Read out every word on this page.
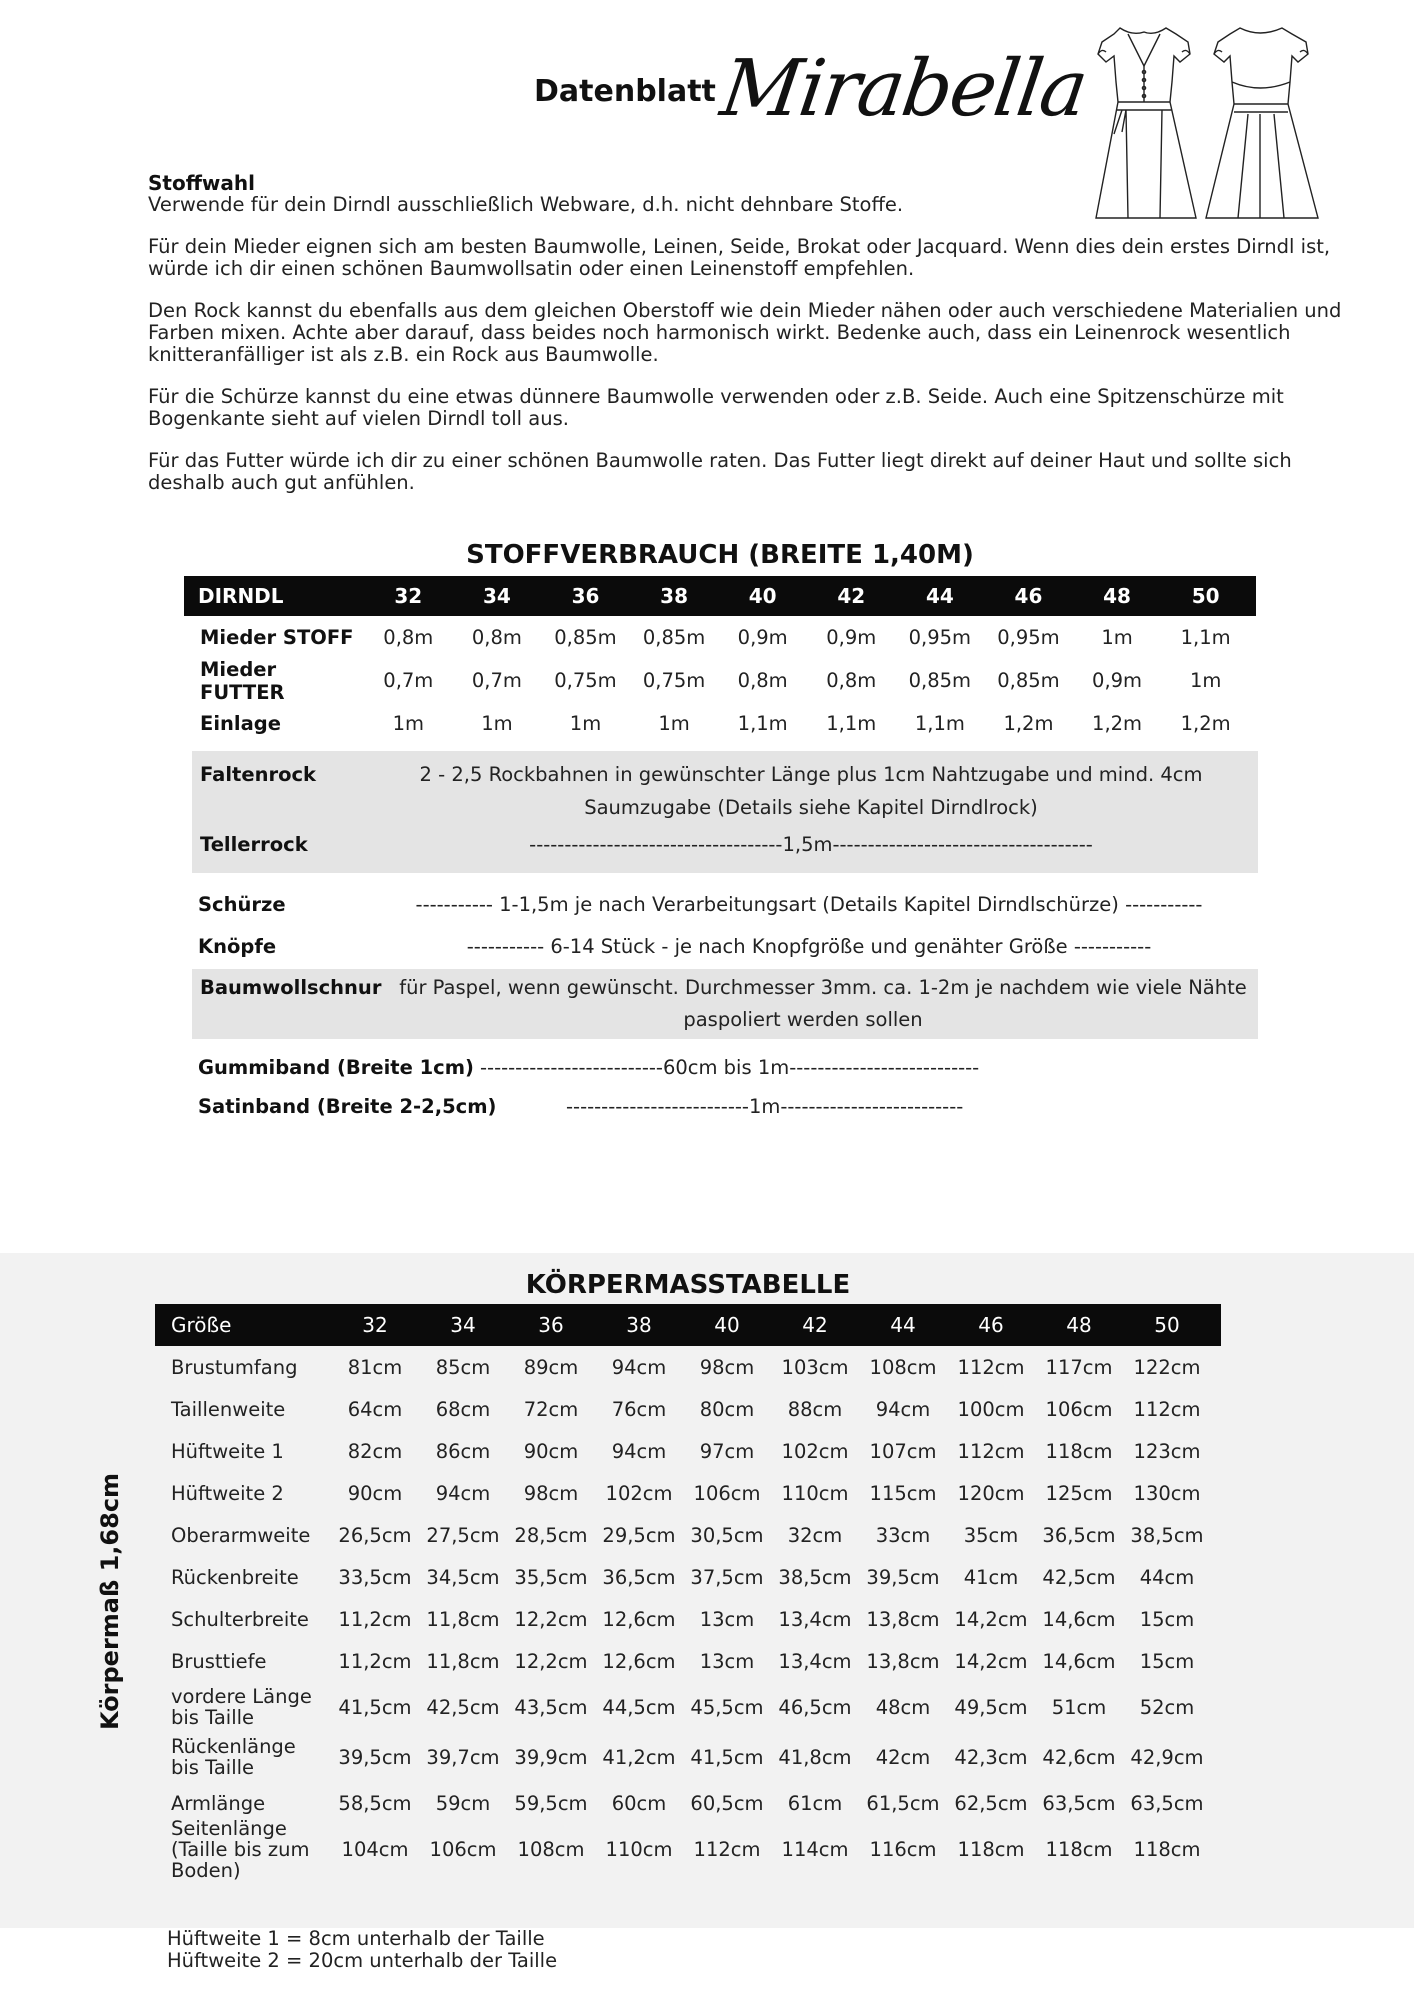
Datenblatt Mirabella
Stoffwahl

Verwende für dein Dirndl ausschließlich Webware, d.h. nicht dehnbare Stoffe.

Für dein Mieder eignen sich am besten Baumwolle, Leinen, Seide, Brokat oder Jacquard. Wenn dies dein erstes Dirndl ist, würde ich dir einen schönen Baumwollsatin oder einen Leinenstoff empfehlen.

Den Rock kannst du ebenfalls aus dem gleichen Oberstoff wie dein Mieder nähen oder auch verschiedene Materialien und Farben mixen. Achte aber darauf, dass beides noch harmonisch wirkt. Bedenke auch, dass ein Leinenrock wesentlich knitteranfälliger ist als z.B. ein Rock aus Baumwolle.

Für die Schürze kannst du eine etwas dünnere Baumwolle verwenden oder z.B. Seide. Auch eine Spitzenschürze mit Bogenkante sieht auf vielen Dirndl toll aus.

Für das Futter würde ich dir zu einer schönen Baumwolle raten. Das Futter liegt direkt auf deiner Haut und sollte sich deshalb auch gut anfühlen.

STOFFVERBRAUCH (BREITE 1,40M)
DIRNDL	32	34	36	38	40	42	44	46	48	50
Mieder STOFF	0,8m	0,8m	0,85m	0,85m	0,9m	0,9m	0,95m	0,95m	1m	1,1m
Mieder FUTTER	0,7m	0,7m	0,75m	0,75m	0,8m	0,8m	0,85m	0,85m	0,9m	1m
Einlage	1m	1m	1m	1m	1,1m	1,1m	1,1m	1,2m	1,2m	1,2m
Faltenrock	2 - 2,5 Rockbahnen in gewünschter Länge plus 1cm Nahtzugabe und mind. 4cm
Saumzugabe (Details siehe Kapitel Dirndlrock)
Tellerrock	------------------------------------1,5m-------------------------------------
Schürze	----------- 1-1,5m je nach Verarbeitungsart (Details Kapitel Dirndlschürze) -----------
Knöpfe	----------- 6-14 Stück - je nach Knopfgröße und genähter Größe -----------
Baumwollschnur für Paspel, wenn gewünscht. Durchmesser 3mm. ca. 1-2m je nachdem wie viele Nähte
paspoliert werden sollen
Gummiband (Breite 1cm) --------------------------60cm bis 1m---------------------------
Satinband (Breite 2-2,5cm)	--------------------------1m--------------------------
KÖRPERMASSTABELLE
Körpermaß 1,68cm
Größe	32	34	36	38	40	42	44	46	48	50
Brustumfang	81cm	85cm	89cm	94cm	98cm	103cm	108cm	112cm	117cm	122cm
Taillenweite	64cm	68cm	72cm	76cm	80cm	88cm	94cm	100cm	106cm	112cm
Hüftweite 1	82cm	86cm	90cm	94cm	97cm	102cm	107cm	112cm	118cm	123cm
Hüftweite 2	90cm	94cm	98cm	102cm	106cm	110cm	115cm	120cm	125cm	130cm
Oberarmweite	26,5cm 27,5cm 28,5cm 29,5cm 30,5cm	32cm	33cm	35cm	36,5cm 38,5cm
Rückenbreite	33,5cm 34,5cm 35,5cm 36,5cm 37,5cm 38,5cm 39,5cm	41cm	42,5cm	44cm
Schulterbreite	11,2cm 11,8cm 12,2cm 12,6cm	13cm	13,4cm 13,8cm 14,2cm 14,6cm	15cm
Brusttiefe	11,2cm 11,8cm 12,2cm 12,6cm	13cm	13,4cm 13,8cm 14,2cm 14,6cm	15cm
vordere Länge
bis Taille	41,5cm 42,5cm 43,5cm 44,5cm 45,5cm 46,5cm	48cm	49,5cm	51cm	52cm
Rückenlänge
bis Taille	39,5cm 39,7cm 39,9cm 41,2cm 41,5cm 41,8cm	42cm	42,3cm 42,6cm 42,9cm
Armlänge	58,5cm	59cm	59,5cm	60cm	60,5cm	61cm	61,5cm 62,5cm 63,5cm 63,5cm
Seitenlänge
(Taille bis zum Boden)
104cm	106cm	108cm	110cm	112cm	114cm	116cm	118cm	118cm	118cm
Hüftweite 1 = 8cm unterhalb der Taille
Hüftweite 2 = 20cm unterhalb der Taille
